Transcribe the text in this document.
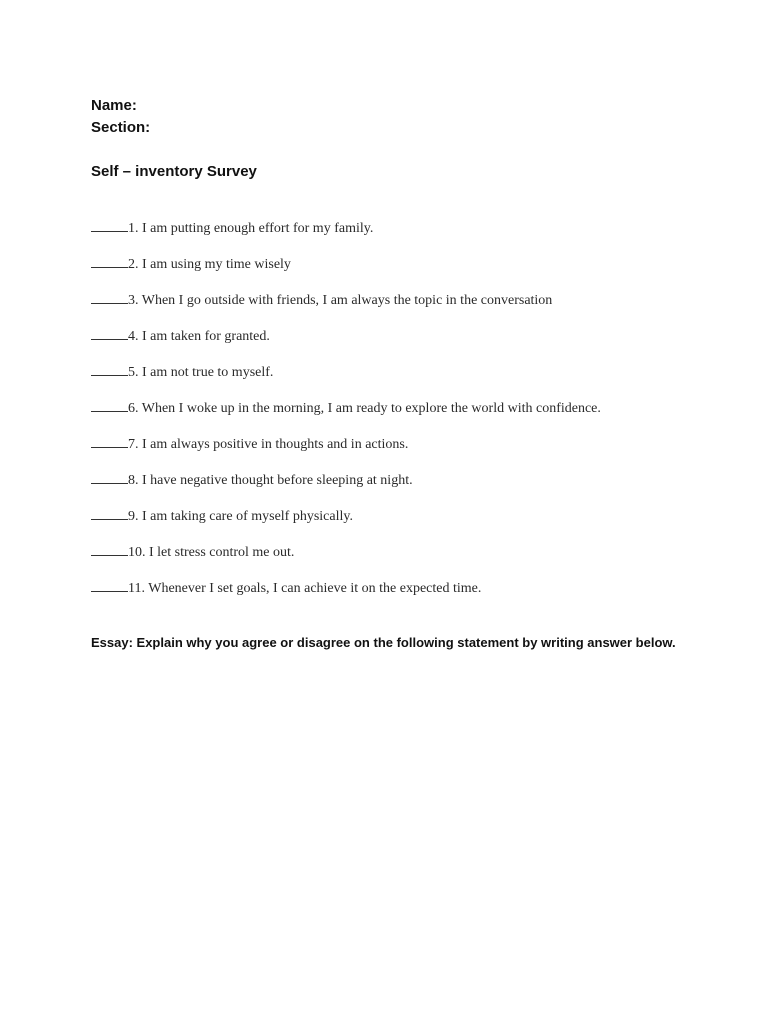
Name:
Section:
Self – inventory Survey
1. I am putting enough effort for my family.
2. I am using my time wisely
3. When I go outside with friends, I am always the topic in the conversation
4. I am taken for granted.
5. I am not true to myself.
6. When I woke up in the morning, I am ready to explore the world with confidence.
7. I am always positive in thoughts and in actions.
8. I have negative thought before sleeping at night.
9. I am taking care of myself physically.
10. I let stress control me out.
11. Whenever I set goals, I can achieve it on the expected time.
Essay: Explain why you agree or disagree on the following statement by writing answer below.
